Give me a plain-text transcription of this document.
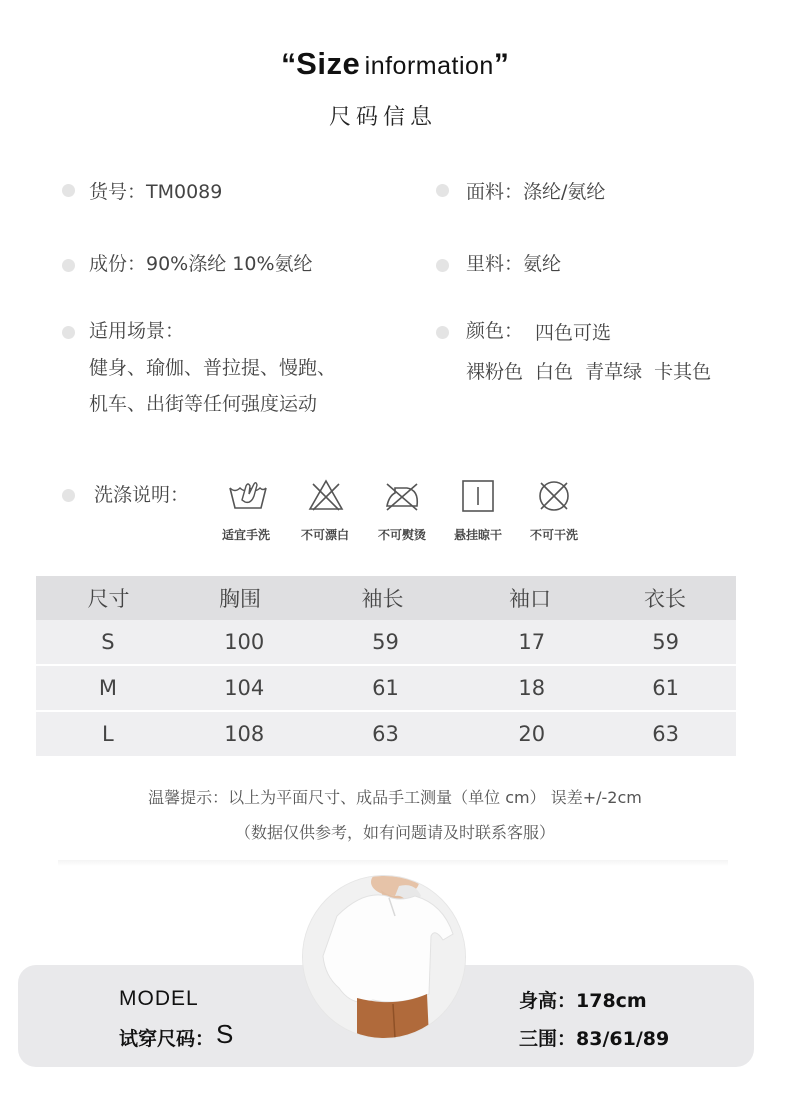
“Size information”
尺码信息
货号：TM0089	面料：涤纶/氨纶
成份：90%涤纶 10%氨纶	里料：氨纶
适用场景：
健身、瑜伽、普拉提、慢跑、
机车、出街等任何强度运动
颜色： 四色可选
裸粉色 白色 青草绿 卡其色
洗涤说明：
适宜手洗	不可漂白	不可熨烫	悬挂晾干	不可干洗
尺寸	胸围	袖长	袖口	衣长
S	100	59	17	59
M	104	61	18	61
L	108	63	20	63
温馨提示：以上为平面尺寸、成品手工测量（单位 cm） 误差+/-2cm
（数据仅供参考，如有问题请及时联系客服）
MODEL
试穿尺码： S
身高：178cm
三围：83/61/89
